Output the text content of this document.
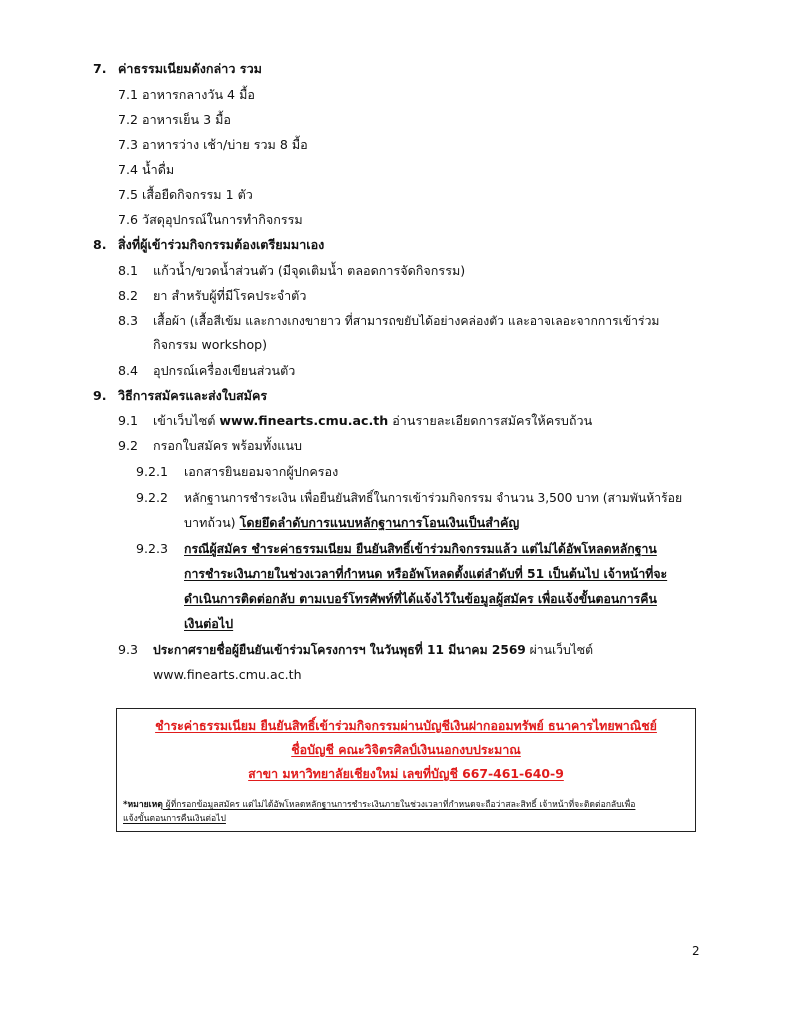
7. ค่าธรรมเนียมดังกล่าว รวม
7.1 อาหารกลางวัน 4 มื้อ
7.2 อาหารเย็น 3 มื้อ
7.3 อาหารว่าง เช้า/บ่าย รวม 8 มื้อ
7.4 น้ำดื่ม
7.5 เสื้อยืดกิจกรรม 1 ตัว
7.6 วัสดุอุปกรณ์ในการทำกิจกรรม
8. สิ่งที่ผู้เข้าร่วมกิจกรรมต้องเตรียมมาเอง
8.1 แก้วน้ำ/ขวดน้ำส่วนตัว (มีจุดเติมน้ำ ตลอดการจัดกิจกรรม)
8.2 ยา สำหรับผู้ที่มีโรคประจำตัว
8.3 เสื้อผ้า (เสื้อสีเข้ม และกางเกงขายาว ที่สามารถขยับได้อย่างคล่องตัว และอาจเลอะจากการเข้าร่วม
กิจกรรม workshop)
8.4 อุปกรณ์เครื่องเขียนส่วนตัว
9. วิธีการสมัครและส่งใบสมัคร
9.1 เข้าเว็บไซต์ www.finearts.cmu.ac.th อ่านรายละเอียดการสมัครให้ครบถ้วน
9.2 กรอกใบสมัคร พร้อมทั้งแนบ
9.2.1 เอกสารยินยอมจากผู้ปกครอง
9.2.2 หลักฐานการชำระเงิน เพื่อยืนยันสิทธิ์ในการเข้าร่วมกิจกรรม จำนวน 3,500 บาท (สามพันห้าร้อย
บาทถ้วน) โดยยึดลำดับการแนบหลักฐานการโอนเงินเป็นสำคัญ
9.2.3 กรณีผู้สมัคร ชำระค่าธรรมเนียม ยืนยันสิทธิ์เข้าร่วมกิจกรรมแล้ว แต่ไม่ได้อัพโหลดหลักฐาน
การชำระเงินภายในช่วงเวลาที่กำหนด หรืออัพโหลดตั้งแต่ลำดับที่ 51 เป็นต้นไป เจ้าหน้าที่จะ
ดำเนินการติดต่อกลับ ตามเบอร์โทรศัพท์ที่ได้แจ้งไว้ในข้อมูลผู้สมัคร เพื่อแจ้งขั้นตอนการคืน
เงินต่อไป
9.3 ประกาศรายชื่อผู้ยืนยันเข้าร่วมโครงการฯ ในวันพุธที่ 11 มีนาคม 2569 ผ่านเว็บไซต์
www.finearts.cmu.ac.th
ชำระค่าธรรมเนียม ยืนยันสิทธิ์เข้าร่วมกิจกรรมผ่านบัญชีเงินฝากออมทรัพย์ ธนาคารไทยพาณิชย์
ชื่อบัญชี คณะวิจิตรศิลป์เงินนอกงบประมาณ
สาขา มหาวิทยาลัยเชียงใหม่ เลขที่บัญชี 667-461-640-9
*หมายเหตุ ผู้ที่กรอกข้อมูลสมัคร แต่ไม่ได้อัพโหลดหลักฐานการชำระเงินภายในช่วงเวลาที่กำหนดจะถือว่าสละสิทธิ์ เจ้าหน้าที่จะติดต่อกลับเพื่อ
แจ้งขั้นตอนการคืนเงินต่อไป
2
